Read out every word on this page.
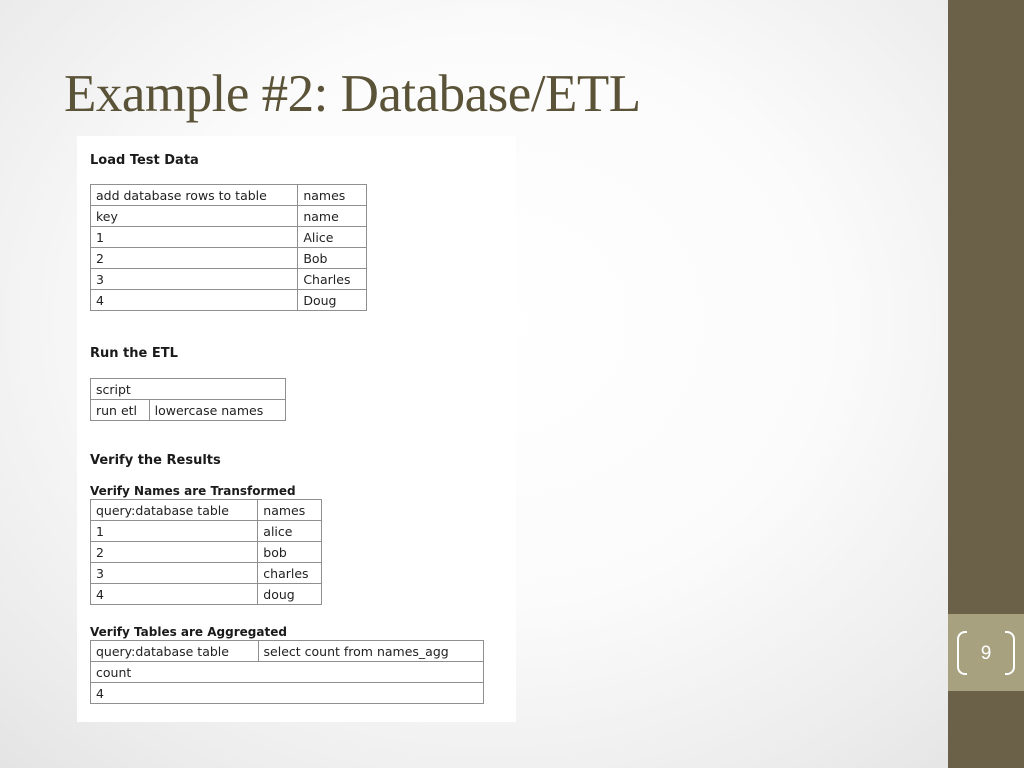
9
Example #2: Database/ETL
Load Test Data
add database rows to table	names
key	name
1	Alice
2	Bob
3	Charles
4	Doug
Run the ETL
script
run etl	lowercase names
Verify the Results
Verify Names are Transformed
query:database table	names
1	alice
2	bob
3	charles
4	doug
Verify Tables are Aggregated
query:database table	select count from names_agg
count
4
